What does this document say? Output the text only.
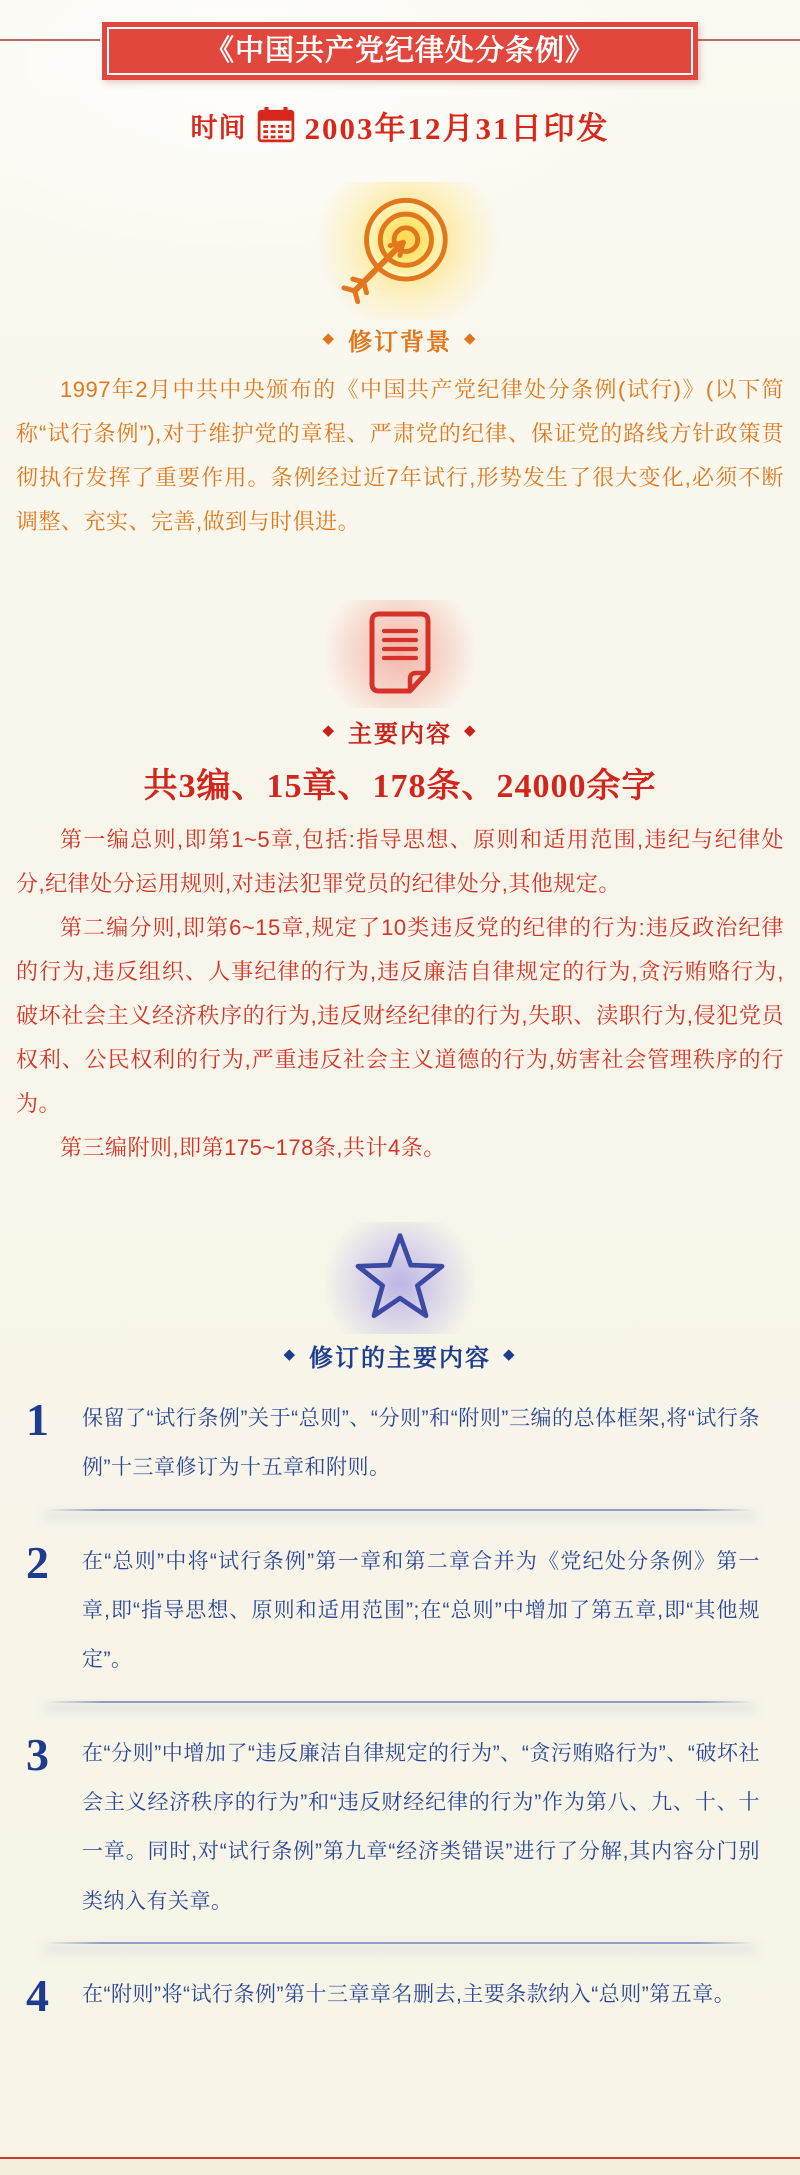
《中国共产党纪律处分条例》
时间 2003年12月31日印发
◆ 修订背景 ◆

1997年2月中共中央颁布的《中国共产党纪律处分条例(试行)》(以下简称“试行条例”),对于维护党的章程、严肃党的纪律、保证党的路线方针政策贯彻执行发挥了重要作用。条例经过近7年试行,形势发生了很大变化,必须不断调整、充实、完善,做到与时俱进。

◆ 主要内容 ◆
共3编、15章、178条、24000余字

第一编总则,即第1~5章,包括:指导思想、原则和适用范围,违纪与纪律处分,纪律处分运用规则,对违法犯罪党员的纪律处分,其他规定。

第二编分则,即第6~15章,规定了10类违反党的纪律的行为:违反政治纪律的行为,违反组织、人事纪律的行为,违反廉洁自律规定的行为,贪污贿赂行为,破坏社会主义经济秩序的行为,违反财经纪律的行为,失职、渎职行为,侵犯党员权利、公民权利的行为,严重违反社会主义道德的行为,妨害社会管理秩序的行为。

第三编附则,即第175~178条,共计4条。

◆ 修订的主要内容 ◆
1	保留了“试行条例”关于“总则”、“分则”和“附则”三编的总体框架,将“试行条例”十三章修订为十五章和附则。
2	在“总则”中将“试行条例”第一章和第二章合并为《党纪处分条例》第一章,即“指导思想、原则和适用范围”;在“总则”中增加了第五章,即“其他规定”。
3	在“分则”中增加了“违反廉洁自律规定的行为”、“贪污贿赂行为”、“破坏社会主义经济秩序的行为”和“违反财经纪律的行为”作为第八、九、十、十一章。同时,对“试行条例”第九章“经济类错误”进行了分解,其内容分门别类纳入有关章。
4	在“附则”将“试行条例”第十三章章名删去,主要条款纳入“总则”第五章。
